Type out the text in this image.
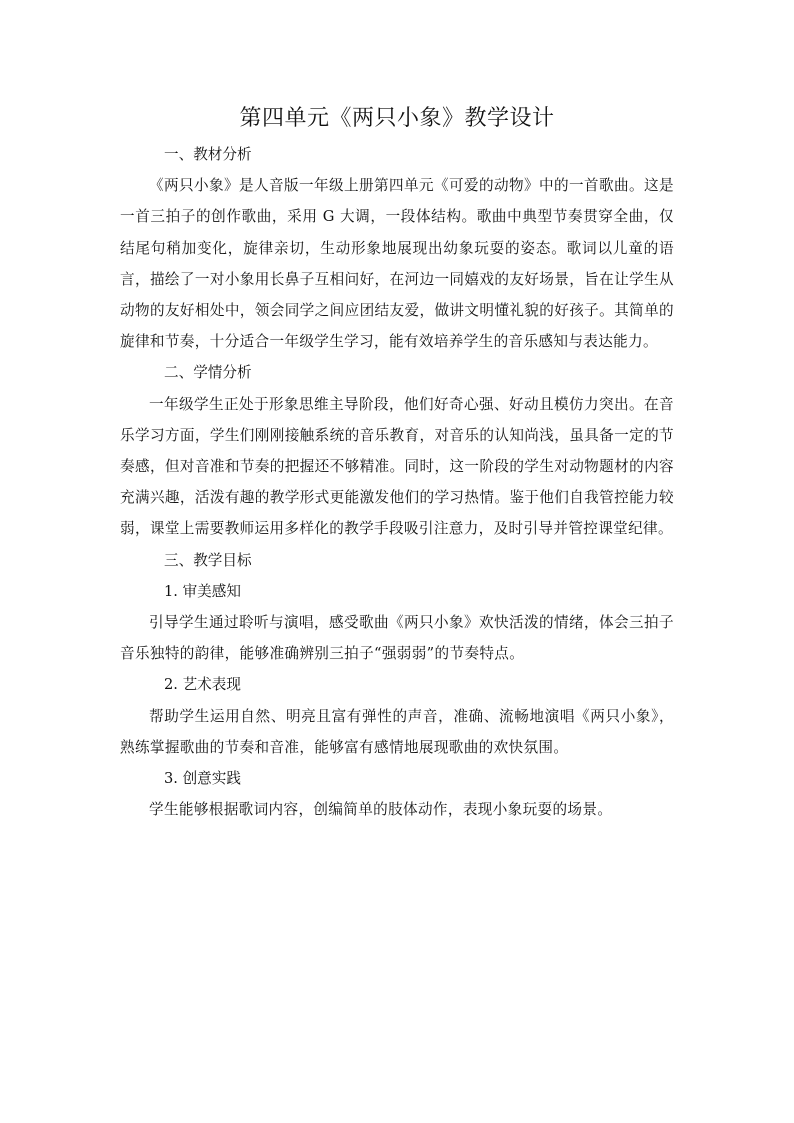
第四单元《两只小象》教学设计
一、教材分析

《两只小象》是人音版一年级上册第四单元《可爱的动物》中的一首歌曲。这是一首三拍子的创作歌曲，采用 G 大调，一段体结构。歌曲中典型节奏贯穿全曲，仅结尾句稍加变化，旋律亲切，生动形象地展现出幼象玩耍的姿态。歌词以儿童的语言，描绘了一对小象用长鼻子互相问好，在河边一同嬉戏的友好场景，旨在让学生从动物的友好相处中，领会同学之间应团结友爱，做讲文明懂礼貌的好孩子。其简单的旋律和节奏，十分适合一年级学生学习，能有效培养学生的音乐感知与表达能力。

二、学情分析

一年级学生正处于形象思维主导阶段，他们好奇心强、好动且模仿力突出。在音乐学习方面，学生们刚刚接触系统的音乐教育，对音乐的认知尚浅，虽具备一定的节奏感，但对音准和节奏的把握还不够精准。同时，这一阶段的学生对动物题材的内容充满兴趣，活泼有趣的教学形式更能激发他们的学习热情。鉴于他们自我管控能力较弱，课堂上需要教师运用多样化的教学手段吸引注意力，及时引导并管控课堂纪律。

三、教学目标
1. 审美感知

引导学生通过聆听与演唱，感受歌曲《两只小象》欢快活泼的情绪，体会三拍子音乐独特的韵律，能够准确辨别三拍子“强弱弱”的节奏特点。

2. 艺术表现

帮助学生运用自然、明亮且富有弹性的声音，准确、流畅地演唱《两只小象》，熟练掌握歌曲的节奏和音准，能够富有感情地展现歌曲的欢快氛围。

3. 创意实践

学生能够根据歌词内容，创编简单的肢体动作，表现小象玩耍的场景。
